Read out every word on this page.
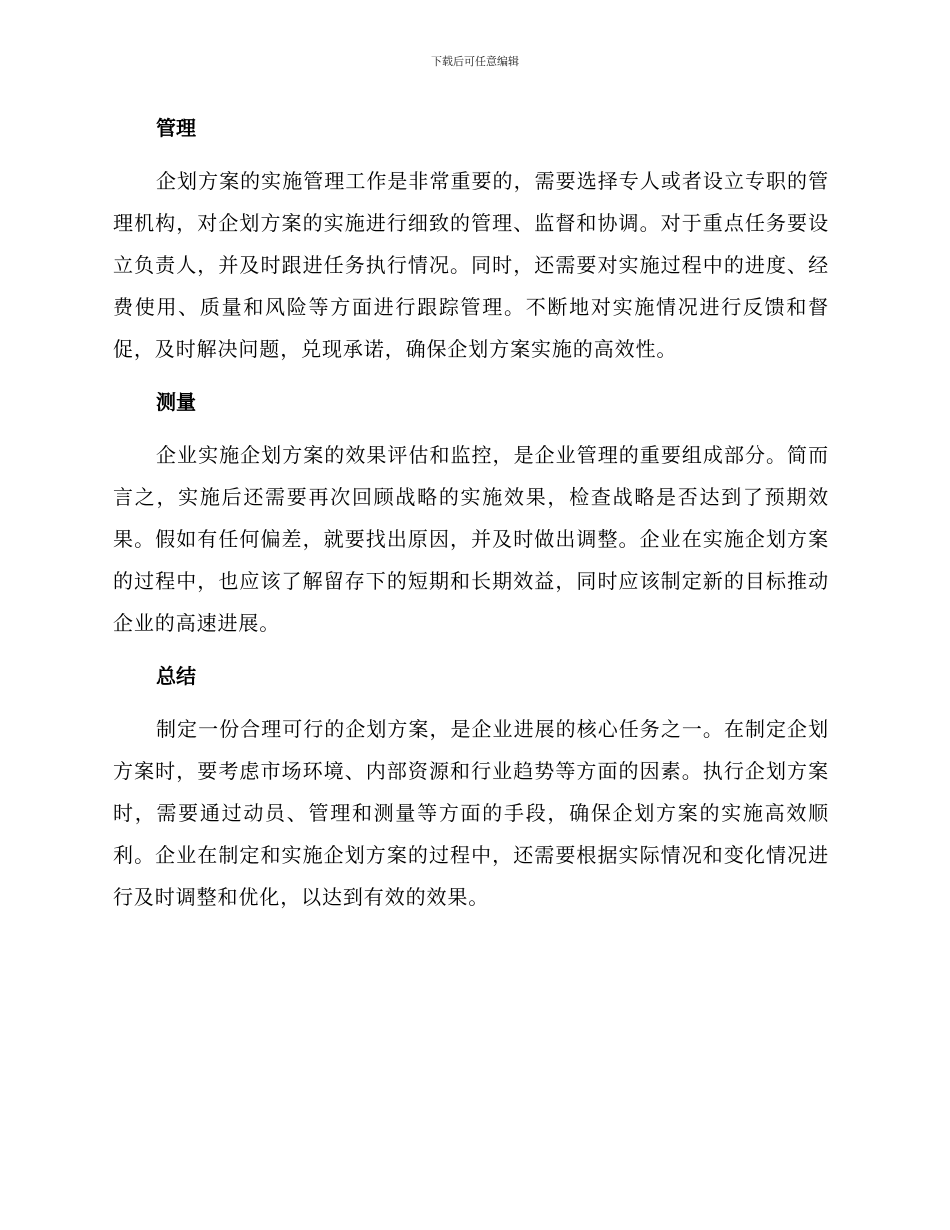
下载后可任意编辑
管理

企划方案的实施管理工作是非常重要的，需要选择专人或者设立专职的管理机构，对企划方案的实施进行细致的管理、监督和协调。对于重点任务要设立负责人，并及时跟进任务执行情况。同时，还需要对实施过程中的进度、经费使用、质量和风险等方面进行跟踪管理。不断地对实施情况进行反馈和督促，及时解决问题，兑现承诺，确保企划方案实施的高效性。

测量

企业实施企划方案的效果评估和监控，是企业管理的重要组成部分。简而言之，实施后还需要再次回顾战略的实施效果，检查战略是否达到了预期效果。假如有任何偏差，就要找出原因，并及时做出调整。企业在实施企划方案的过程中，也应该了解留存下的短期和长期效益，同时应该制定新的目标推动企业的高速进展。

总结

制定一份合理可行的企划方案，是企业进展的核心任务之一。在制定企划方案时，要考虑市场环境、内部资源和行业趋势等方面的因素。执行企划方案时，需要通过动员、管理和测量等方面的手段，确保企划方案的实施高效顺利。企业在制定和实施企划方案的过程中，还需要根据实际情况和变化情况进行及时调整和优化，以达到有效的效果。
